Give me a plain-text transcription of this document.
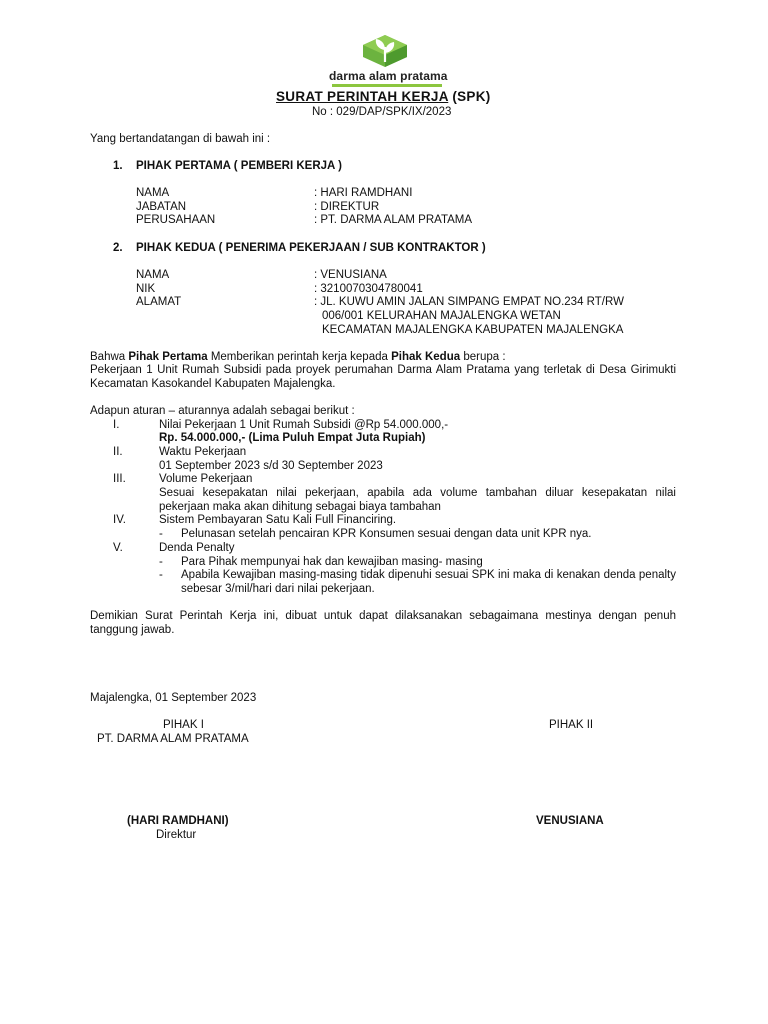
darma alam pratama
SURAT PERINTAH KERJA (SPK)
No : 029/DAP/SPK/IX/2023
Yang bertandatangan di bawah ini :
1. PIHAK PERTAMA ( PEMBERI KERJA )
NAMA	: HARI RAMDHANI
JABATAN	: DIREKTUR
PERUSAHAAN	: PT. DARMA ALAM PRATAMA
2. PIHAK KEDUA ( PENERIMA PEKERJAAN / SUB KONTRAKTOR )
NAMA	: VENUSIANA
NIK	: 3210070304780041
ALAMAT	: JL. KUWU AMIN JALAN SIMPANG EMPAT NO.234 RT/RW
006/001 KELURAHAN MAJALENGKA WETAN
KECAMATAN MAJALENGKA KABUPATEN MAJALENGKA
Bahwa Pihak Pertama Memberikan perintah kerja kepada Pihak Kedua berupa :
Pekerjaan 1 Unit Rumah Subsidi pada proyek perumahan Darma Alam Pratama yang terletak di Desa Girimukti Kecamatan Kasokandel Kabupaten Majalengka.
Adapun aturan – aturannya adalah sebagai berikut :
I.	Nilai Pekerjaan 1 Unit Rumah Subsidi @Rp 54.000.000,-
Rp. 54.000.000,- (Lima Puluh Empat Juta Rupiah)
II.	Waktu Pekerjaan
01 September 2023 s/d 30 September 2023
III.	Volume Pekerjaan
Sesuai kesepakatan nilai pekerjaan, apabila ada volume tambahan diluar kesepakatan nilai pekerjaan maka akan dihitung sebagai biaya tambahan
IV.	Sistem Pembayaran Satu Kali Full Financiring.
- Pelunasan setelah pencairan KPR Konsumen sesuai dengan data unit KPR nya.
V.	Denda Penalty
- Para Pihak mempunyai hak dan kewajiban masing- masing
- Apabila Kewajiban masing-masing tidak dipenuhi sesuai SPK ini maka di kenakan denda penalty sebesar 3/mil/hari dari nilai pekerjaan.
Demikian Surat Perintah Kerja ini, dibuat untuk dapat dilaksanakan sebagaimana mestinya dengan penuh tanggung jawab.
Majalengka, 01 September 2023
PIHAK I	PIHAK II
PT. DARMA ALAM PRATAMA
(HARI RAMDHANI)	VENUSIANA
Direktur
